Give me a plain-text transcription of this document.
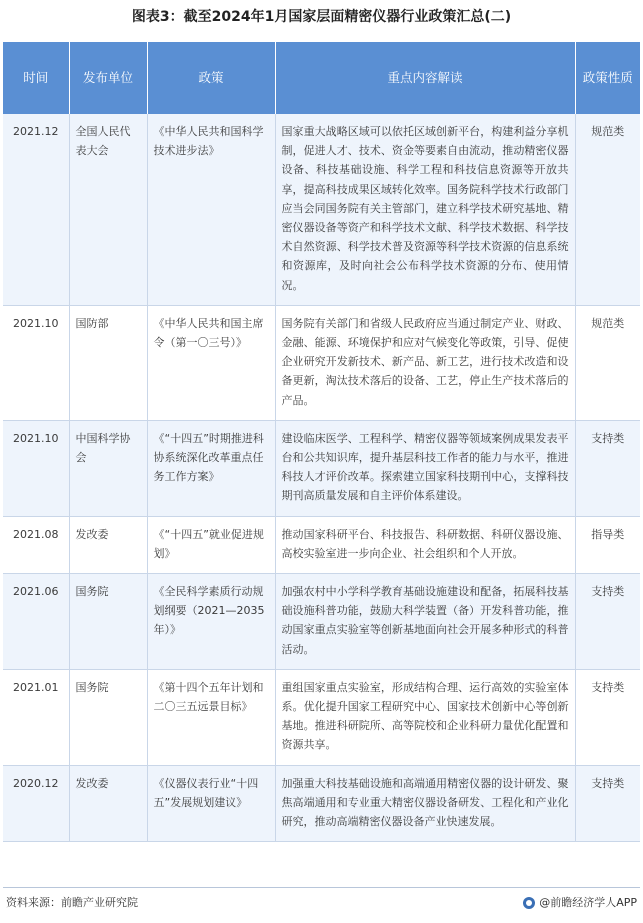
图表3：截至2024年1月国家层面精密仪器行业政策汇总(二)
时间	发布单位	政策	重点内容解读	政策性质
2021.12	全国人民代表大会	《中华人民共和国科学技术进步法》	国家重大战略区域可以依托区域创新平台，构建利益分享机制，促进人才、技术、资金等要素自由流动，推动精密仪器设备、科技基础设施、科学工程和科技信息资源等开放共享，提高科技成果区域转化效率。国务院科学技术行政部门应当会同国务院有关主管部门，建立科学技术研究基地、精密仪器设备等资产和科学技术文献、科学技术数据、科学技术自然资源、科学技术普及资源等科学技术资源的信息系统和资源库，及时向社会公布科学技术资源的分布、使用情况。	规范类
2021.10	国防部	《中华人民共和国主席令（第一〇三号）》	国务院有关部门和省级人民政府应当通过制定产业、财政、金融、能源、环境保护和应对气候变化等政策，引导、促使企业研究开发新技术、新产品、新工艺，进行技术改造和设备更新，淘汰技术落后的设备、工艺，停止生产技术落后的产品。	规范类
2021.10	中国科学协会	《“十四五”时期推进科协系统深化改革重点任务工作方案》	建设临床医学、工程科学、精密仪器等领域案例成果发表平台和公共知识库，提升基层科技工作者的能力与水平，推进科技人才评价改革。探索建立国家科技期刊中心，支撑科技期刊高质量发展和自主评价体系建设。	支持类
2021.08	发改委	《“十四五”就业促进规划》	推动国家科研平台、科技报告、科研数据、科研仪器设施、高校实验室进一步向企业、社会组织和个人开放。	指导类
2021.06	国务院	《全民科学素质行动规划纲要（2021—2035年）》	加强农村中小学科学教育基础设施建设和配备，拓展科技基础设施科普功能，鼓励大科学装置（备）开发科普功能，推动国家重点实验室等创新基地面向社会开展多种形式的科普活动。	支持类
2021.01	国务院	《第十四个五年计划和二〇三五远景目标》	重组国家重点实验室，形成结构合理、运行高效的实验室体系。优化提升国家工程研究中心、国家技术创新中心等创新基地。推进科研院所、高等院校和企业科研力量优化配置和资源共享。	支持类
2020.12	发改委	《仪器仪表行业“十四五”发展规划建议》	加强重大科技基础设施和高端通用精密仪器的设计研发、聚焦高端通用和专业重大精密仪器设备研发、工程化和产业化研究，推动高端精密仪器设备产业快速发展。	支持类
资料来源：前瞻产业研究院	@前瞻经济学人APP
